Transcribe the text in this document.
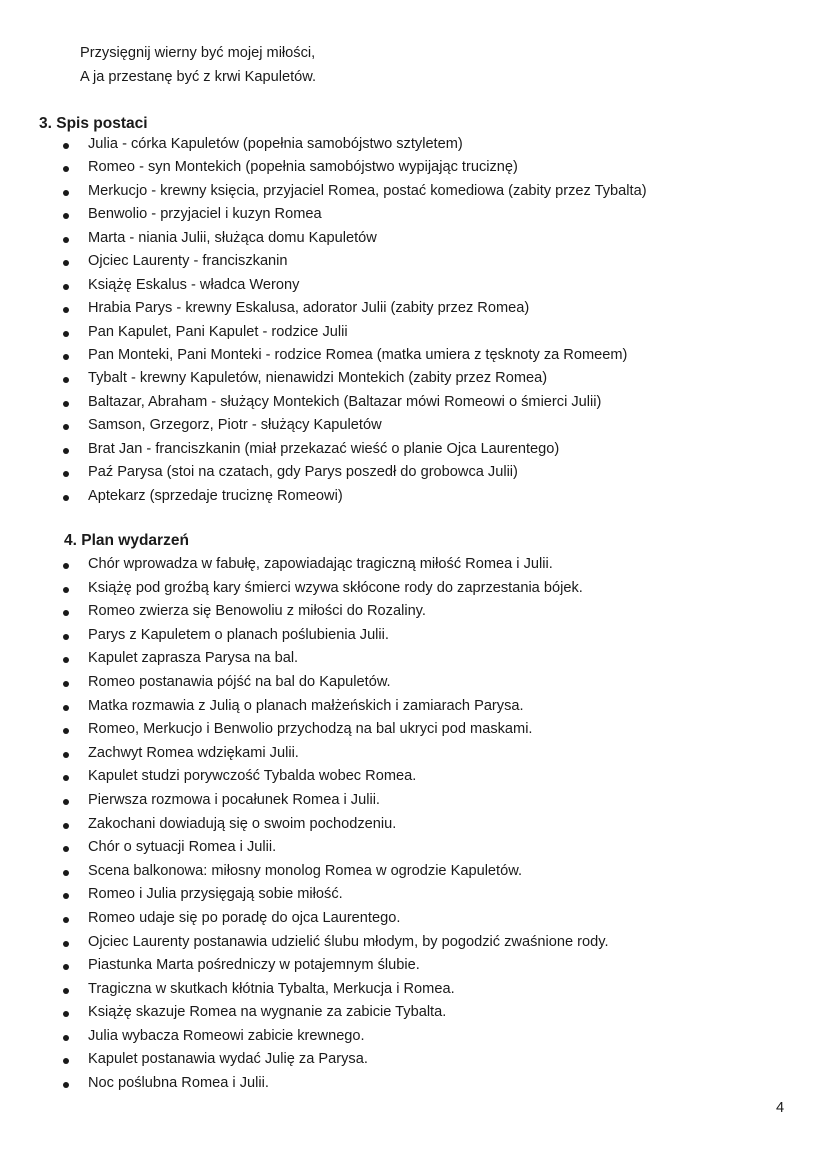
Przysięgnij wierny być mojej miłości,
A ja przestanę być z krwi Kapuletów.
3. Spis postaci
Julia - córka Kapuletów (popełnia samobójstwo sztyletem)
Romeo - syn Montekich (popełnia samobójstwo wypijając truciznę)
Merkucjo - krewny księcia, przyjaciel Romea, postać komediowa (zabity przez Tybalta)
Benwolio - przyjaciel i kuzyn Romea
Marta - niania Julii, służąca domu Kapuletów
Ojciec Laurenty - franciszkanin
Książę Eskalus - władca Werony
Hrabia Parys - krewny Eskalusa, adorator Julii (zabity przez Romea)
Pan Kapulet, Pani Kapulet - rodzice Julii
Pan Monteki, Pani Monteki - rodzice Romea (matka umiera z tęsknoty za Romeem)
Tybalt - krewny Kapuletów, nienawidzi Montekich (zabity przez Romea)
Baltazar, Abraham - służący Montekich (Baltazar mówi Romeowi o śmierci Julii)
Samson, Grzegorz, Piotr - służący Kapuletów
Brat Jan - franciszkanin (miał przekazać wieść o planie Ojca Laurentego)
Paź Parysa (stoi na czatach, gdy Parys poszedł do grobowca Julii)
Aptekarz (sprzedaje truciznę Romeowi)
4. Plan wydarzeń
Chór wprowadza w fabułę, zapowiadając tragiczną miłość Romea i Julii.
Książę pod groźbą kary śmierci wzywa skłócone rody do zaprzestania bójek.
Romeo zwierza się Benowoliu z miłości do Rozaliny.
Parys z Kapuletem o planach poślubienia Julii.
Kapulet zaprasza Parysa na bal.
Romeo postanawia pójść na bal do Kapuletów.
Matka rozmawia z Julią o planach małżeńskich i zamiarach Parysa.
Romeo, Merkucjo i Benwolio przychodzą na bal ukryci pod maskami.
Zachwyt Romea wdziękami Julii.
Kapulet studzi porywczość Tybalda wobec Romea.
Pierwsza rozmowa i pocałunek Romea i Julii.
Zakochani dowiadują się o swoim pochodzeniu.
Chór o sytuacji Romea i Julii.
Scena balkonowa: miłosny monolog Romea w ogrodzie Kapuletów.
Romeo i Julia przysięgają sobie miłość.
Romeo udaje się po poradę do ojca Laurentego.
Ojciec Laurenty postanawia udzielić ślubu młodym, by pogodzić zwaśnione rody.
Piastunka Marta pośredniczy w potajemnym ślubie.
Tragiczna w skutkach kłótnia Tybalta, Merkucja i Romea.
Książę skazuje Romea na wygnanie za zabicie Tybalta.
Julia wybacza Romeowi zabicie krewnego.
Kapulet postanawia wydać Julię za Parysa.
Noc poślubna Romea i Julii.
4
